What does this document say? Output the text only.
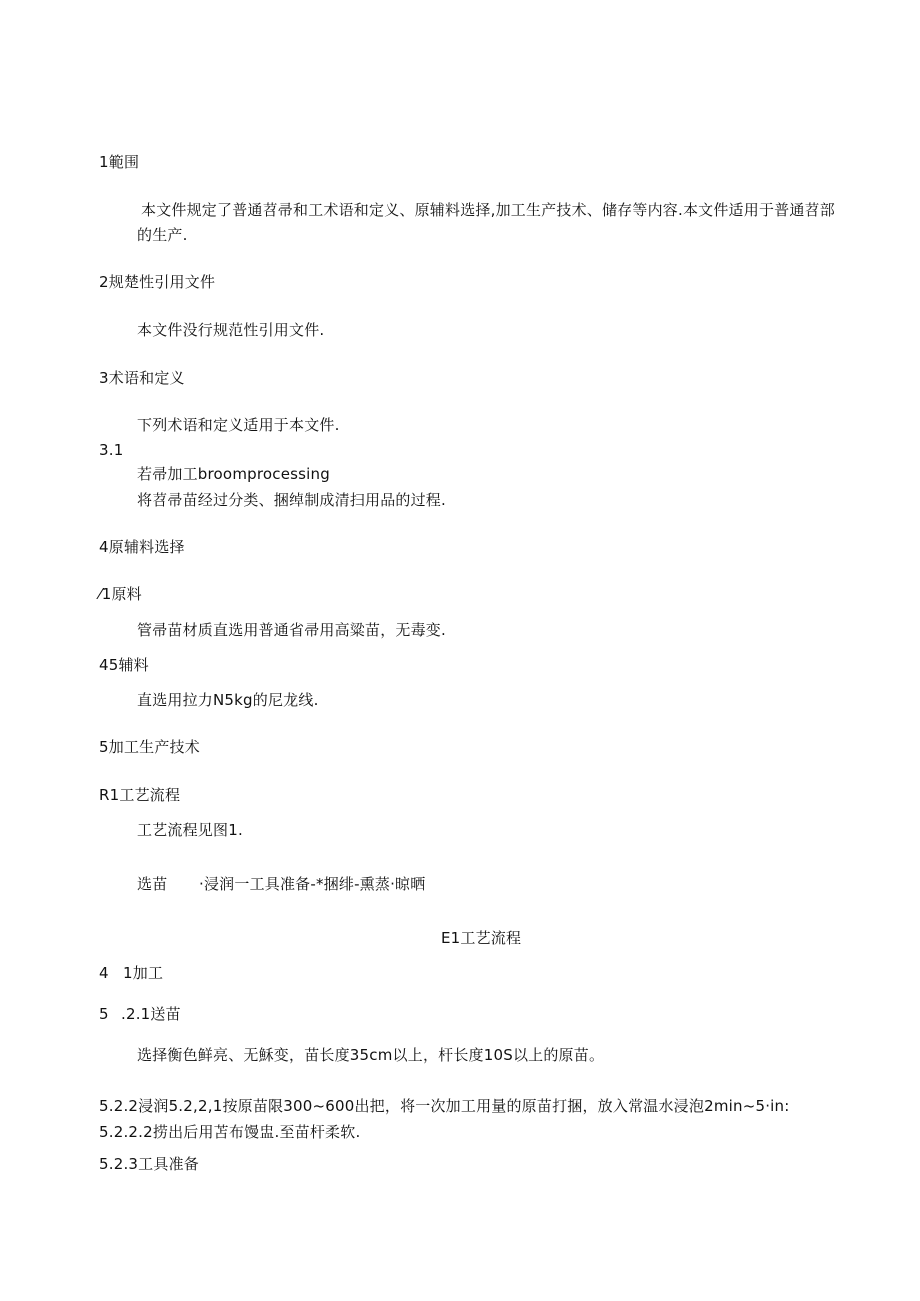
1範围
本文件规定了普通苕帚和工术语和定义、原辅料选择,加工生产技术、储存等内容.本文件适用于普通苕部
的生产.
2规楚性引用文件
本文件没行规范性引用文件.
3术语和定义
下列术语和定义适用于本文件.
3.1
若帚加工broomprocessing
将苕帚苗经过分类、捆绰制成清扫用品的过程.
4原辅料选择
⁄1原料
管帚苗材质直选用普通省帚用高粱苗，无毒变.
45辅料
直选用拉力N5kg的尼龙线.
5加工生产技术
R1工艺流程
工艺流程见图1.
选苗 ·浸润一工具准备-*捆绯-熏蒸·晾晒
E1工艺流程
4 1加工
5 .2.1送苗
选择衡色鲜亮、无穌变，苗长度35cm以上，杆长度10S以上的原苗。
5.2.2浸润5.2,2,1按原苗限300~600出把，将一次加工用量的原苗打捆，放入常温水浸泡2min~5·in:
5.2.2.2捞出后用苫布馒盅.至苗杆柔软.
5.2.3工具准备
